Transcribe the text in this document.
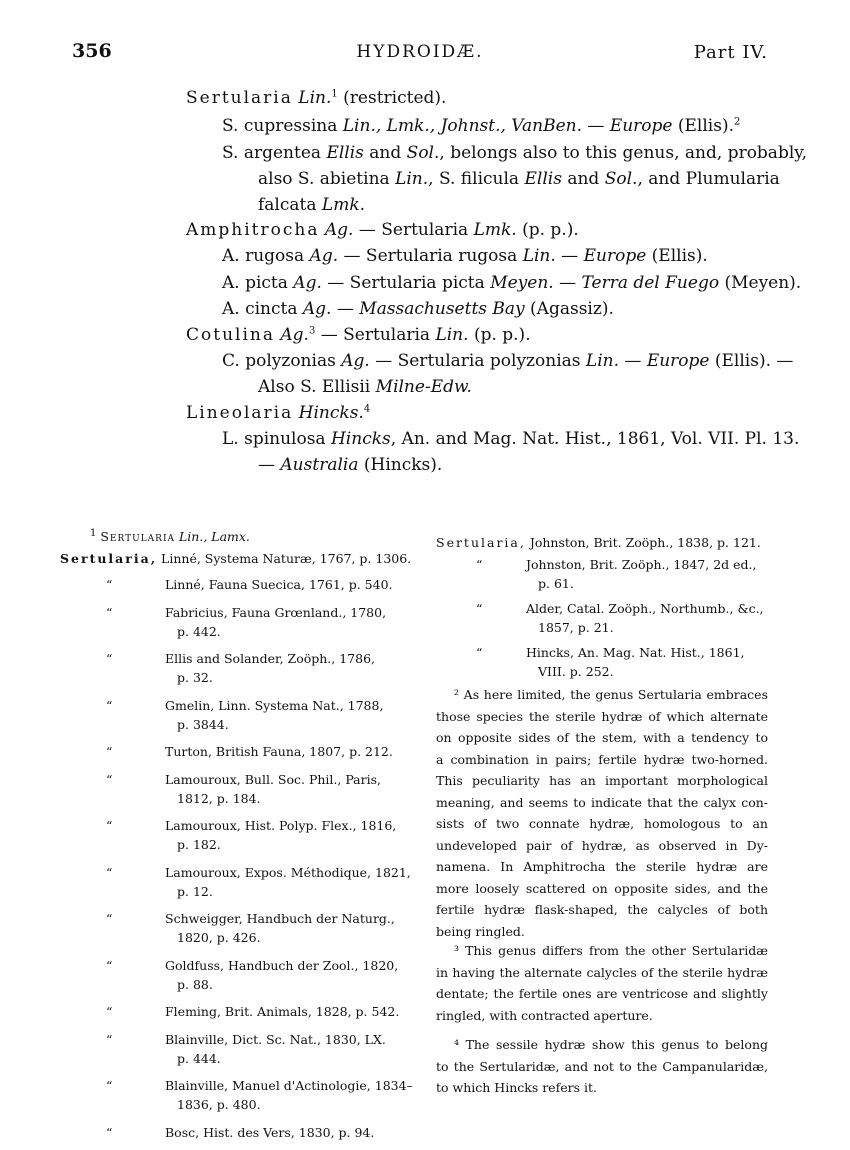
356	HYDROIDÆ.	Part IV.
Sertularia Lin.$^1$ (restricted).
S. cupressina Lin., Lmk., Johnst., VanBen. — Europe (Ellis).$^2$
S. argentea Ellis and Sol., belongs also to this genus, and, probably,
also S. abietina Lin., S. filicula Ellis and Sol., and Plumularia
falcata Lmk.
Amphitrocha Ag. — Sertularia Lmk. (p. p.).
A. rugosa Ag. — Sertularia rugosa Lin. — Europe (Ellis).
A. picta Ag. — Sertularia picta Meyen. — Terra del Fuego (Meyen).
A. cincta Ag. — Massachusetts Bay (Agassiz).
Cotulina Ag.$^3$ — Sertularia Lin. (p. p.).
C. polyzonias Ag. — Sertularia polyzonias Lin. — Europe (Ellis). —
Also S. Ellisii Milne-Edw.
Lineolaria Hincks.$^4$
L. spinulosa Hincks, An. and Mag. Nat. Hist., 1861, Vol. VII. Pl. 13.
— Australia (Hincks).
$^1$ Sertularia Lin., Lamx.
Sertularia, Linné, Systema Naturæ, 1767, p. 1306.
“	Linné, Fauna Suecica, 1761, p. 540.
“	Fabricius, Fauna Grœnland., 1780,
p. 442.
“	Ellis and Solander, Zoöph., 1786,
p. 32.
“	Gmelin, Linn. Systema Nat., 1788,
p. 3844.
“	Turton, British Fauna, 1807, p. 212.
“	Lamouroux, Bull. Soc. Phil., Paris,
1812, p. 184.
“	Lamouroux, Hist. Polyp. Flex., 1816,
p. 182.
“	Lamouroux, Expos. Méthodique, 1821,
p. 12.
“	Schweigger, Handbuch der Naturg.,
1820, p. 426.
“	Goldfuss, Handbuch der Zool., 1820,
p. 88.
“	Fleming, Brit. Animals, 1828, p. 542.
“	Blainville, Dict. Sc. Nat., 1830, LX.
p. 444.
“	Blainville, Manuel d'Actinologie, 1834–
1836, p. 480.
“	Bosc, Hist. des Vers, 1830, p. 94.
Sertularia, Johnston, Brit. Zoöph., 1838, p. 121.
“	Johnston, Brit. Zoöph., 1847, 2d ed.,
p. 61.
“	Alder, Catal. Zoöph., Northumb., &c.,
1857, p. 21.
“	Hincks, An. Mag. Nat. Hist., 1861,
VIII. p. 252.
² As here limited, the genus Sertularia embraces
those species the sterile hydræ of which alternate
on opposite sides of the stem, with a tendency to
a combination in pairs; fertile hydræ two-horned.
This peculiarity has an important morphological
meaning, and seems to indicate that the calyx con-
sists of two connate hydræ, homologous to an
undeveloped pair of hydræ, as observed in Dy-
namena. In Amphitrocha the sterile hydræ are
more loosely scattered on opposite sides, and the
fertile hydræ flask-shaped, the calycles of both
being ringled.
³ This genus differs from the other Sertularidæ
in having the alternate calycles of the sterile hydræ
dentate; the fertile ones are ventricose and slightly
ringled, with contracted aperture.
⁴ The sessile hydræ show this genus to belong
to the Sertularidæ, and not to the Campanularidæ,
to which Hincks refers it.
